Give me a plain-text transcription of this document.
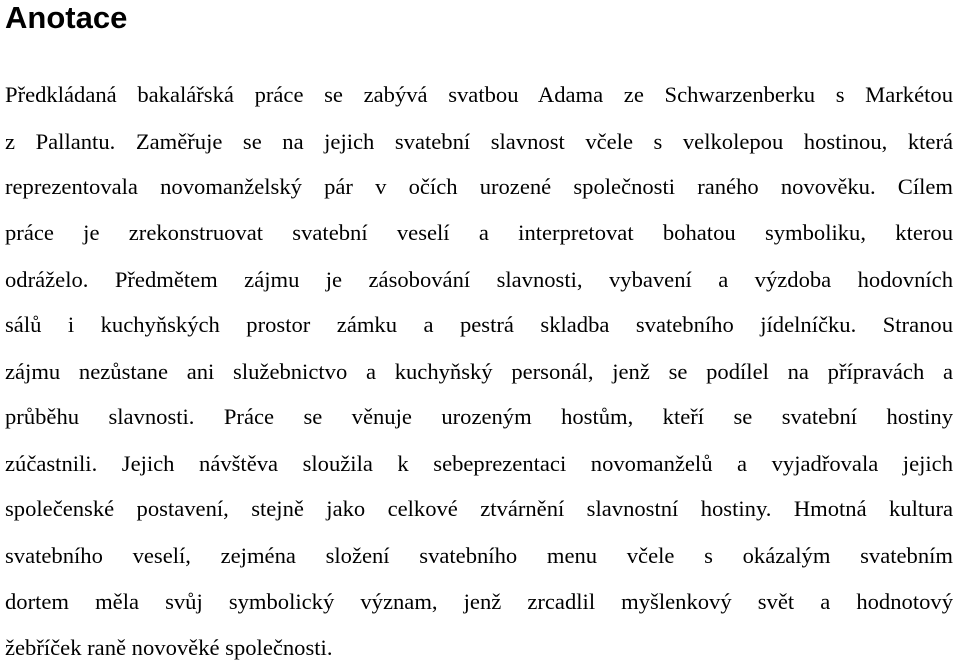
Anotace
Předkládaná bakalářská práce se zabývá svatbou Adama ze Schwarzenberku s Markétou
z Pallantu. Zaměřuje se na jejich svatební slavnost včele s velkolepou hostinou, která
reprezentovala novomanželský pár v očích urozené společnosti raného novověku. Cílem
práce je zrekonstruovat svatební veselí a interpretovat bohatou symboliku, kterou
odráželo. Předmětem zájmu je zásobování slavnosti, vybavení a výzdoba hodovních
sálů i kuchyňských prostor zámku a pestrá skladba svatebního jídelníčku. Stranou
zájmu nezůstane ani služebnictvo a kuchyňský personál, jenž se podílel na přípravách a
průběhu slavnosti. Práce se věnuje urozeným hostům, kteří se svatební hostiny
zúčastnili. Jejich návštěva sloužila k sebeprezentaci novomanželů a vyjadřovala jejich
společenské postavení, stejně jako celkové ztvárnění slavnostní hostiny. Hmotná kultura
svatebního veselí, zejména složení svatebního menu včele s okázalým svatebním
dortem měla svůj symbolický význam, jenž zrcadlil myšlenkový svět a hodnotový
žebříček raně novověké společnosti.
